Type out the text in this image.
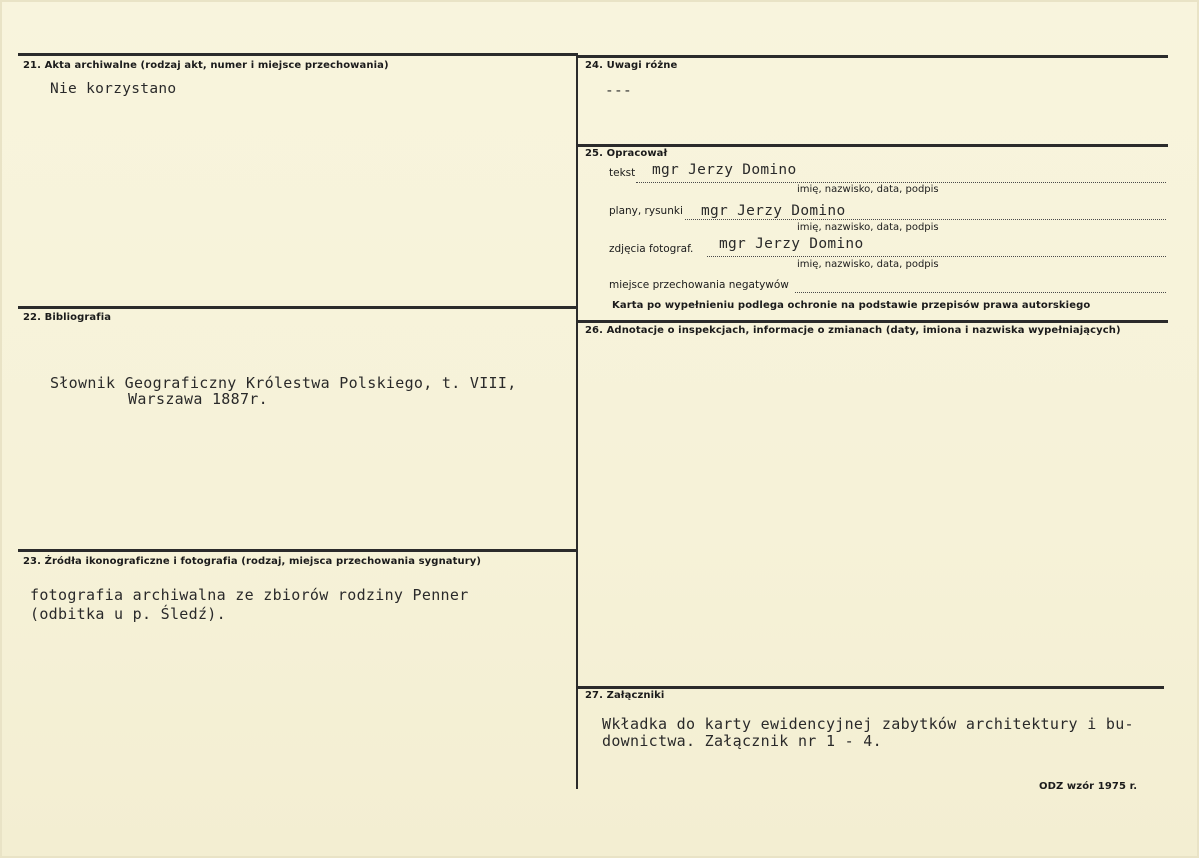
21. Akta archiwalne (rodzaj akt, numer i miejsce przechowania)
Nie korzystano
22. Bibliografia
Słownik Geograficzny Królestwa Polskiego, t. VIII,
Warszawa 1887r.
23. Źródła ikonograficzne i fotografia (rodzaj, miejsca przechowania sygnatury)
fotografia archiwalna ze zbiorów rodziny Penner
(odbitka u p. Śledź).
24. Uwagi różne
---
25. Opracował
tekst mgr Jerzy Domino
imię, nazwisko, data, podpis
plany, rysunki mgr Jerzy Domino
imię, nazwisko, data, podpis
zdjęcia fotograf. mgr Jerzy Domino
imię, nazwisko, data, podpis
miejsce przechowania negatywów
Karta po wypełnieniu podlega ochronie na podstawie przepisów prawa autorskiego
26. Adnotacje o inspekcjach, informacje o zmianach (daty, imiona i nazwiska wypełniających)
27. Załączniki
Wkładka do karty ewidencyjnej zabytków architektury i bu-
downictwa. Załącznik nr 1 - 4.
ODZ wzór 1975 r.
